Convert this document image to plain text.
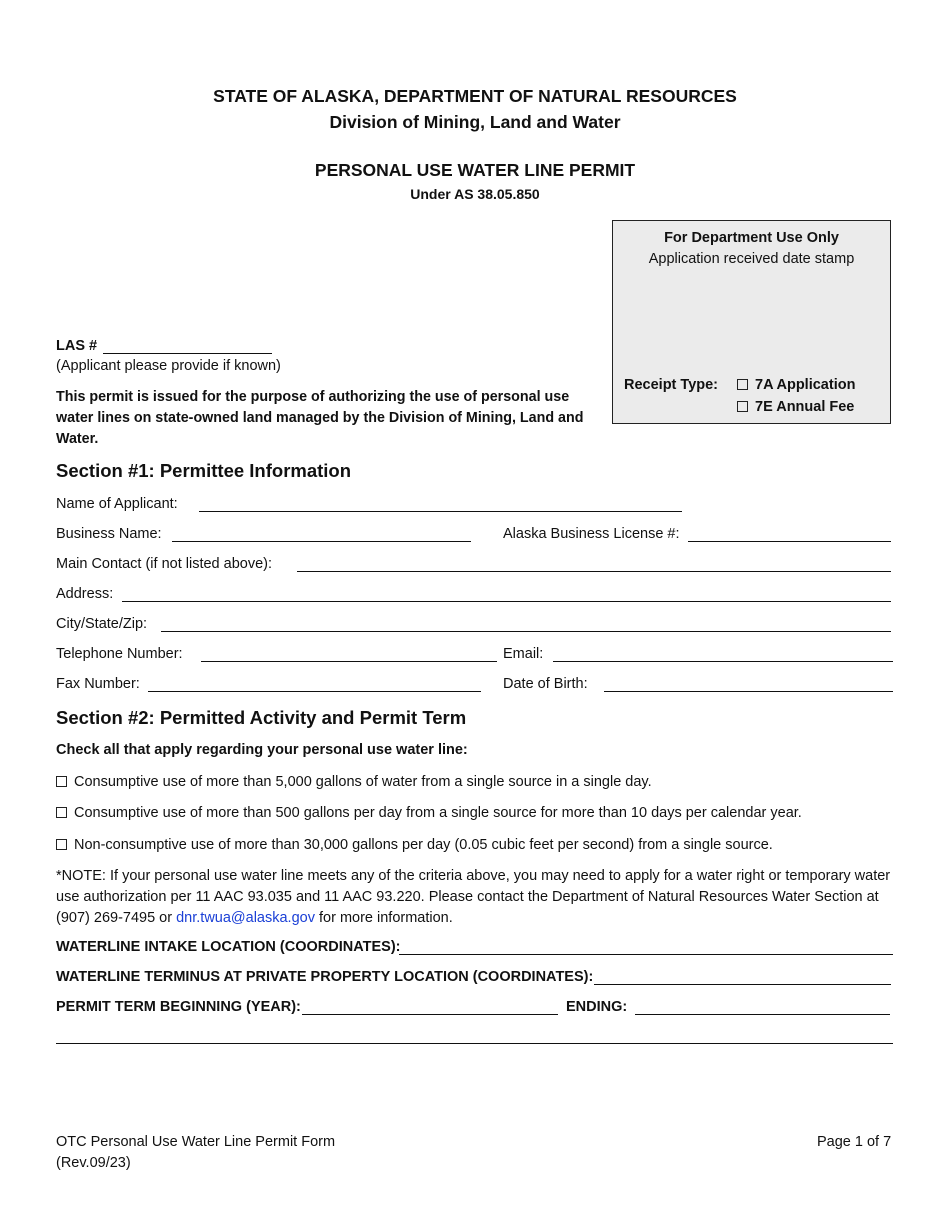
STATE OF ALASKA, DEPARTMENT OF NATURAL RESOURCES
Division of Mining, Land and Water
PERSONAL USE WATER LINE PERMIT
Under AS 38.05.850
For Department Use Only
Application received date stamp
Receipt Type:	7A Application
7E Annual Fee
LAS #
(Applicant please provide if known)
This permit is issued for the purpose of authorizing the use of personal use water lines on state-owned land managed by the Division of Mining, Land and Water.
Section #1: Permittee Information
Name of Applicant:
Business Name:	Alaska Business License #:
Main Contact (if not listed above):
Address:
City/State/Zip:
Telephone Number:	Email:
Fax Number:	Date of Birth:
Section #2: Permitted Activity and Permit Term
Check all that apply regarding your personal use water line:
Consumptive use of more than 5,000 gallons of water from a single source in a single day.
Consumptive use of more than 500 gallons per day from a single source for more than 10 days per calendar year.
Non-consumptive use of more than 30,000 gallons per day (0.05 cubic feet per second) from a single source.
*NOTE: If your personal use water line meets any of the criteria above, you may need to apply for a water right or temporary water use authorization per 11 AAC 93.035 and 11 AAC 93.220. Please contact the Department of Natural Resources Water Section at (907) 269-7495 or dnr.twua@alaska.gov for more information.
WATERLINE INTAKE LOCATION (COORDINATES):
WATERLINE TERMINUS AT PRIVATE PROPERTY LOCATION (COORDINATES):
PERMIT TERM BEGINNING (YEAR):	ENDING:
OTC Personal Use Water Line Permit Form
(Rev.09/23)
Page 1 of 7
